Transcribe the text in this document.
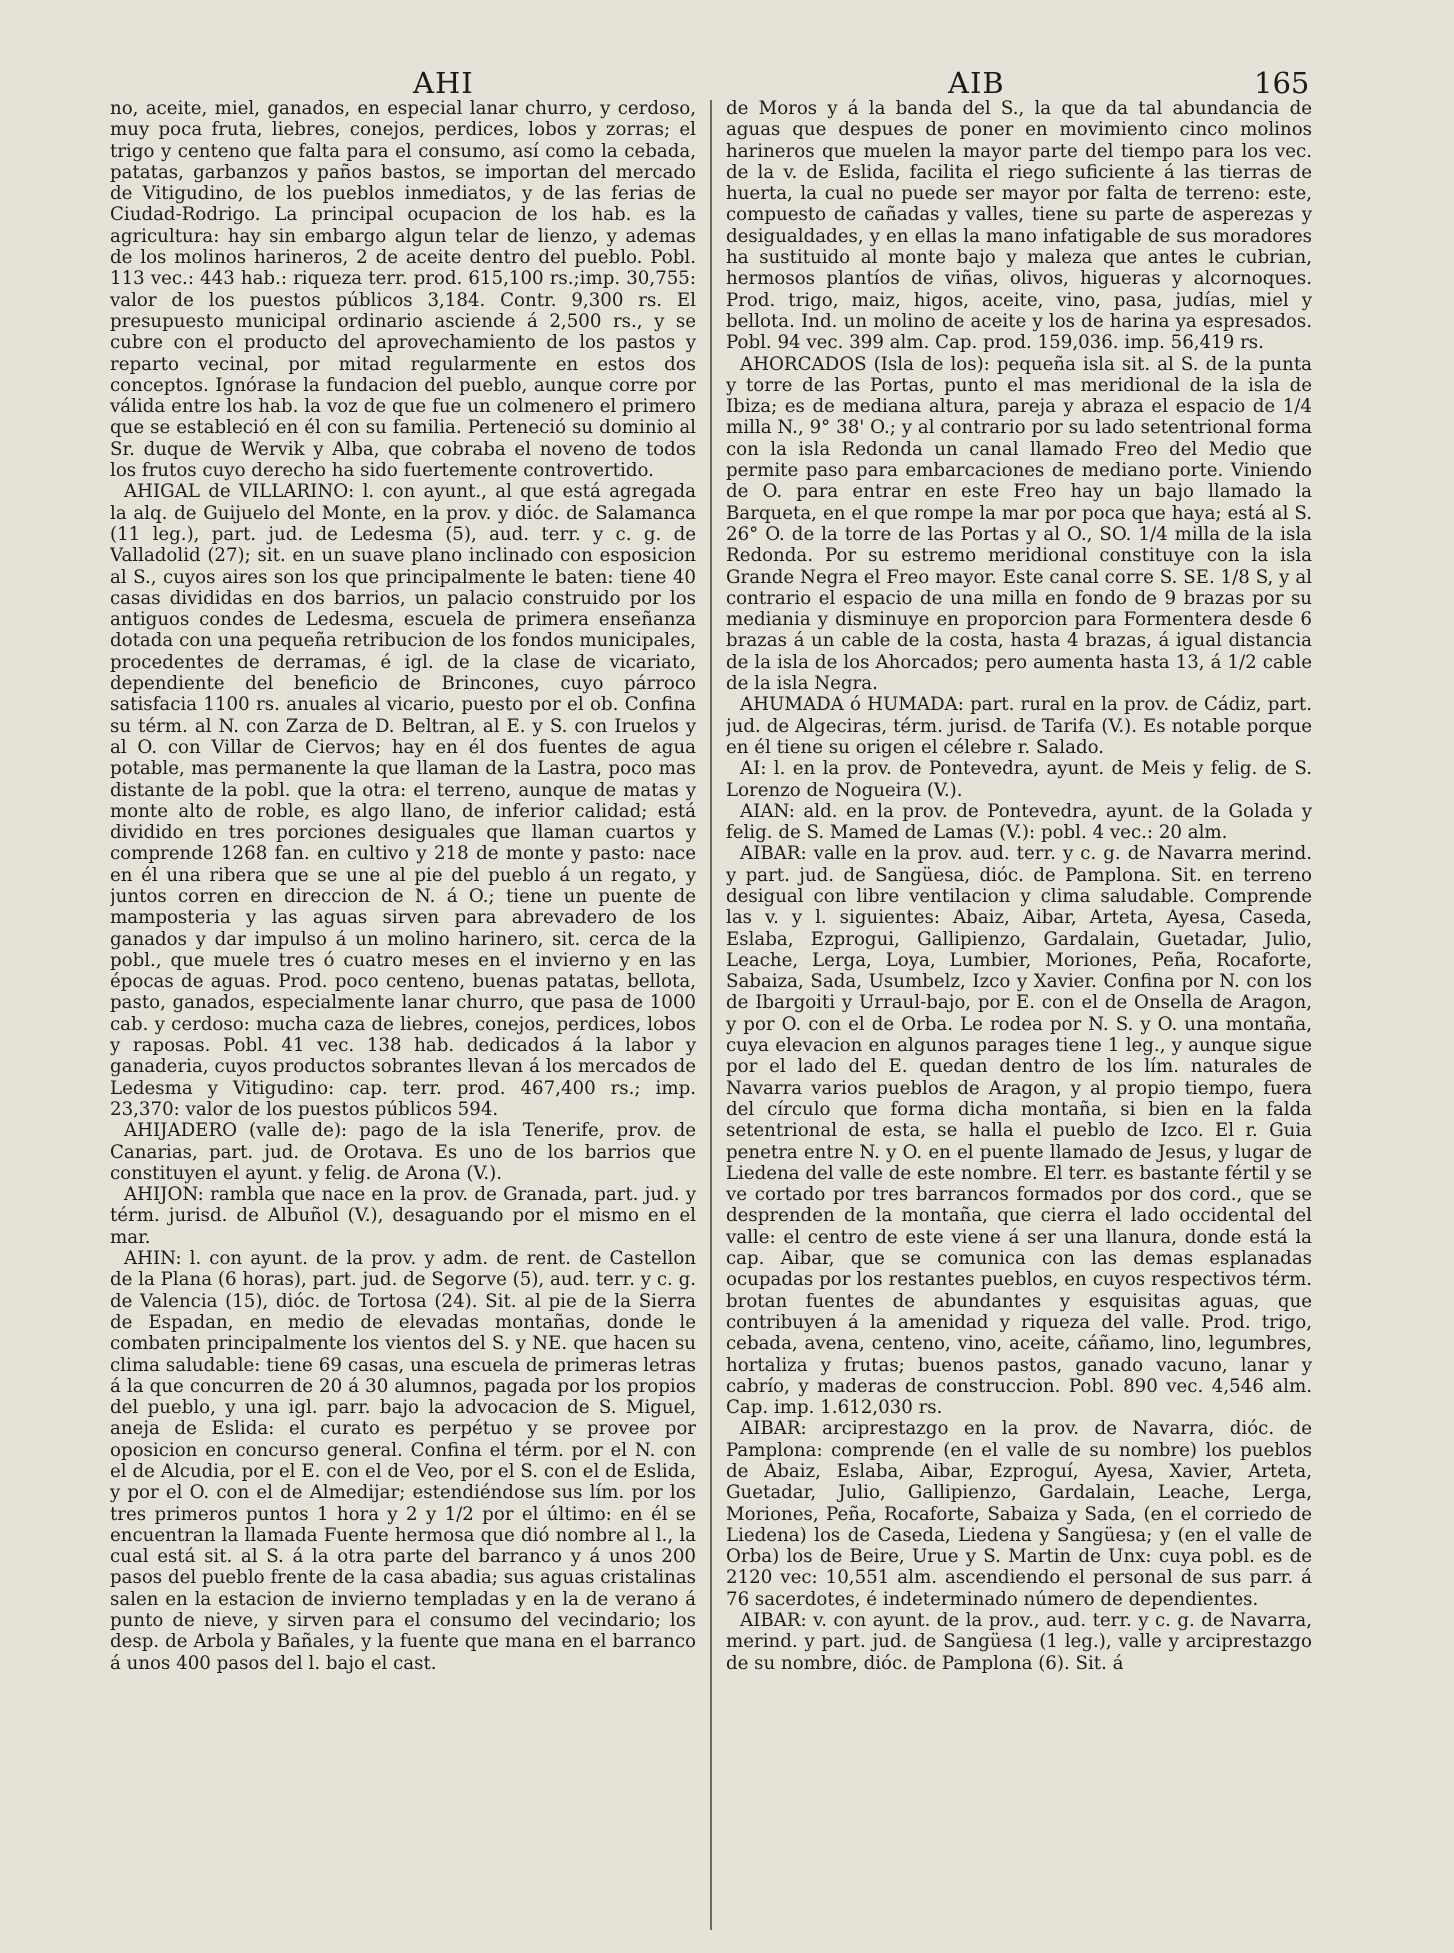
AHI	AIB	165

no, aceite, miel, ganados, en especial lanar churro, y cerdoso, muy poca fruta, liebres, conejos, perdices, lobos y zorras; el trigo y centeno que falta para el consumo, así como la cebada, patatas, garbanzos y paños bastos, se importan del mercado de Vitigudino, de los pueblos inmediatos, y de las ferias de Ciudad-Rodrigo. La principal ocupacion de los hab. es la agricultura: hay sin embargo algun telar de lienzo, y ademas de los molinos harineros, 2 de aceite dentro del pueblo. Pobl. 113 vec.: 443 hab.: riqueza terr. prod. 615,100 rs.;imp. 30,755: valor de los puestos públicos 3,184. Contr. 9,300 rs. El presupuesto municipal ordinario asciende á 2,500 rs., y se cubre con el producto del aprovechamiento de los pastos y reparto vecinal, por mitad regularmente en estos dos conceptos. Ignórase la fundacion del pueblo, aunque corre por válida entre los hab. la voz de que fue un colmenero el primero que se estableció en él con su familia. Perteneció su dominio al Sr. duque de Wervik y Alba, que cobraba el noveno de todos los frutos cuyo derecho ha sido fuertemente controvertido.

AHIGAL de VILLARINO: l. con ayunt., al que está agregada la alq. de Guijuelo del Monte, en la prov. y dióc. de Salamanca (11 leg.), part. jud. de Ledesma (5), aud. terr. y c. g. de Valladolid (27); sit. en un suave plano inclinado con esposicion al S., cuyos aires son los que principalmente le baten: tiene 40 casas divididas en dos barrios, un palacio construido por los antiguos condes de Ledesma, escuela de primera enseñanza dotada con una pequeña retribucion de los fondos municipales, procedentes de derramas, é igl. de la clase de vicariato, dependiente del beneficio de Brincones, cuyo párroco satisfacia 1100 rs. anuales al vicario, puesto por el ob. Confina su térm. al N. con Zarza de D. Beltran, al E. y S. con Iruelos y al O. con Villar de Ciervos; hay en él dos fuentes de agua potable, mas permanente la que llaman de la Lastra, poco mas distante de la pobl. que la otra: el terreno, aunque de matas y monte alto de roble, es algo llano, de inferior calidad; está dividido en tres porciones desiguales que llaman cuartos y comprende 1268 fan. en cultivo y 218 de monte y pasto: nace en él una ribera que se une al pie del pueblo á un regato, y juntos corren en direccion de N. á O.; tiene un puente de mamposteria y las aguas sirven para abrevadero de los ganados y dar impulso á un molino harinero, sit. cerca de la pobl., que muele tres ó cuatro meses en el invierno y en las épocas de aguas. Prod. poco centeno, buenas patatas, bellota, pasto, ganados, especialmente lanar churro, que pasa de 1000 cab. y cerdoso: mucha caza de liebres, conejos, perdices, lobos y raposas. Pobl. 41 vec. 138 hab. dedicados á la labor y ganaderia, cuyos productos sobrantes llevan á los mercados de Ledesma y Vitigudino: cap. terr. prod. 467,400 rs.; imp. 23,370: valor de los puestos públicos 594.

AHIJADERO (valle de): pago de la isla Tenerife, prov. de Canarias, part. jud. de Orotava. Es uno de los barrios que constituyen el ayunt. y felig. de Arona (V.).

AHIJON: rambla que nace en la prov. de Granada, part. jud. y térm. jurisd. de Albuñol (V.), desaguando por el mismo en el mar.

AHIN: l. con ayunt. de la prov. y adm. de rent. de Castellon de la Plana (6 horas), part. jud. de Segorve (5), aud. terr. y c. g. de Valencia (15), dióc. de Tortosa (24). Sit. al pie de la Sierra de Espadan, en medio de elevadas montañas, donde le combaten principalmente los vientos del S. y NE. que hacen su clima saludable: tiene 69 casas, una escuela de primeras letras á la que concurren de 20 á 30 alumnos, pagada por los propios del pueblo, y una igl. parr. bajo la advocacion de S. Miguel, aneja de Eslida: el curato es perpétuo y se provee por oposicion en concurso general. Confina el térm. por el N. con el de Alcudia, por el E. con el de Veo, por el S. con el de Eslida, y por el O. con el de Almedijar; estendiéndose sus lím. por los tres primeros puntos 1 hora y 2 y 1/2 por el último: en él se encuentran la llamada Fuente hermosa que dió nombre al l., la cual está sit. al S. á la otra parte del barranco y á unos 200 pasos del pueblo frente de la casa abadia; sus aguas cristalinas salen en la estacion de invierno templadas y en la de verano á punto de nieve, y sirven para el consumo del vecindario; los desp. de Arbola y Bañales, y la fuente que mana en el barranco á unos 400 pasos del l. bajo el cast.

de Moros y á la banda del S., la que da tal abundancia de aguas que despues de poner en movimiento cinco molinos harineros que muelen la mayor parte del tiempo para los vec. de la v. de Eslida, facilita el riego suficiente á las tierras de huerta, la cual no puede ser mayor por falta de terreno: este, compuesto de cañadas y valles, tiene su parte de asperezas y desigualdades, y en ellas la mano infatigable de sus moradores ha sustituido al monte bajo y maleza que antes le cubrian, hermosos plantíos de viñas, olivos, higueras y alcornoques. Prod. trigo, maiz, higos, aceite, vino, pasa, judías, miel y bellota. Ind. un molino de aceite y los de harina ya espresados. Pobl. 94 vec. 399 alm. Cap. prod. 159,036. imp. 56,419 rs.

AHORCADOS (Isla de los): pequeña isla sit. al S. de la punta y torre de las Portas, punto el mas meridional de la isla de Ibiza; es de mediana altura, pareja y abraza el espacio de 1/4 milla N., 9° 38' O.; y al contrario por su lado setentrional forma con la isla Redonda un canal llamado Freo del Medio que permite paso para embarcaciones de mediano porte. Viniendo de O. para entrar en este Freo hay un bajo llamado la Barqueta, en el que rompe la mar por poca que haya; está al S. 26° O. de la torre de las Portas y al O., SO. 1/4 milla de la isla Redonda. Por su estremo meridional constituye con la isla Grande Negra el Freo mayor. Este canal corre S. SE. 1/8 S, y al contrario el espacio de una milla en fondo de 9 brazas por su mediania y disminuye en proporcion para Formentera desde 6 brazas á un cable de la costa, hasta 4 brazas, á igual distancia de la isla de los Ahorcados; pero aumenta hasta 13, á 1/2 cable de la isla Negra.

AHUMADA ó HUMADA: part. rural en la prov. de Cádiz, part. jud. de Algeciras, térm. jurisd. de Tarifa (V.). Es notable porque en él tiene su origen el célebre r. Salado.

AI: l. en la prov. de Pontevedra, ayunt. de Meis y felig. de S. Lorenzo de Nogueira (V.).

AIAN: ald. en la prov. de Pontevedra, ayunt. de la Golada y felig. de S. Mamed de Lamas (V.): pobl. 4 vec.: 20 alm.

AIBAR: valle en la prov. aud. terr. y c. g. de Navarra merind. y part. jud. de Sangüesa, dióc. de Pamplona. Sit. en terreno desigual con libre ventilacion y clima saludable. Comprende las v. y l. siguientes: Abaiz, Aibar, Arteta, Ayesa, Caseda, Eslaba, Ezprogui, Gallipienzo, Gardalain, Guetadar, Julio, Leache, Lerga, Loya, Lumbier, Moriones, Peña, Rocaforte, Sabaiza, Sada, Usumbelz, Izco y Xavier. Confina por N. con los de Ibargoiti y Urraul-bajo, por E. con el de Onsella de Aragon, y por O. con el de Orba. Le rodea por N. S. y O. una montaña, cuya elevacion en algunos parages tiene 1 leg., y aunque sigue por el lado del E. quedan dentro de los lím. naturales de Navarra varios pueblos de Aragon, y al propio tiempo, fuera del círculo que forma dicha montaña, si bien en la falda setentrional de esta, se halla el pueblo de Izco. El r. Guia penetra entre N. y O. en el puente llamado de Jesus, y lugar de Liedena del valle de este nombre. El terr. es bastante fértil y se ve cortado por tres barrancos formados por dos cord., que se desprenden de la montaña, que cierra el lado occidental del valle: el centro de este viene á ser una llanura, donde está la cap. Aibar, que se comunica con las demas esplanadas ocupadas por los restantes pueblos, en cuyos respectivos térm. brotan fuentes de abundantes y esquisitas aguas, que contribuyen á la amenidad y riqueza del valle. Prod. trigo, cebada, avena, centeno, vino, aceite, cáñamo, lino, legumbres, hortaliza y frutas; buenos pastos, ganado vacuno, lanar y cabrío, y maderas de construccion. Pobl. 890 vec. 4,546 alm. Cap. imp. 1.612,030 rs.

AIBAR: arciprestazgo en la prov. de Navarra, dióc. de Pamplona: comprende (en el valle de su nombre) los pueblos de Abaiz, Eslaba, Aibar, Ezproguí, Ayesa, Xavier, Arteta, Guetadar, Julio, Gallipienzo, Gardalain, Leache, Lerga, Moriones, Peña, Rocaforte, Sabaiza y Sada, (en el corriedo de Liedena) los de Caseda, Liedena y Sangüesa; y (en el valle de Orba) los de Beire, Urue y S. Martin de Unx: cuya pobl. es de 2120 vec: 10,551 alm. ascendiendo el personal de sus parr. á 76 sacerdotes, é indeterminado número de dependientes.

AIBAR: v. con ayunt. de la prov., aud. terr. y c. g. de Navarra, merind. y part. jud. de Sangüesa (1 leg.), valle y arciprestazgo de su nombre, dióc. de Pamplona (6). Sit. á
